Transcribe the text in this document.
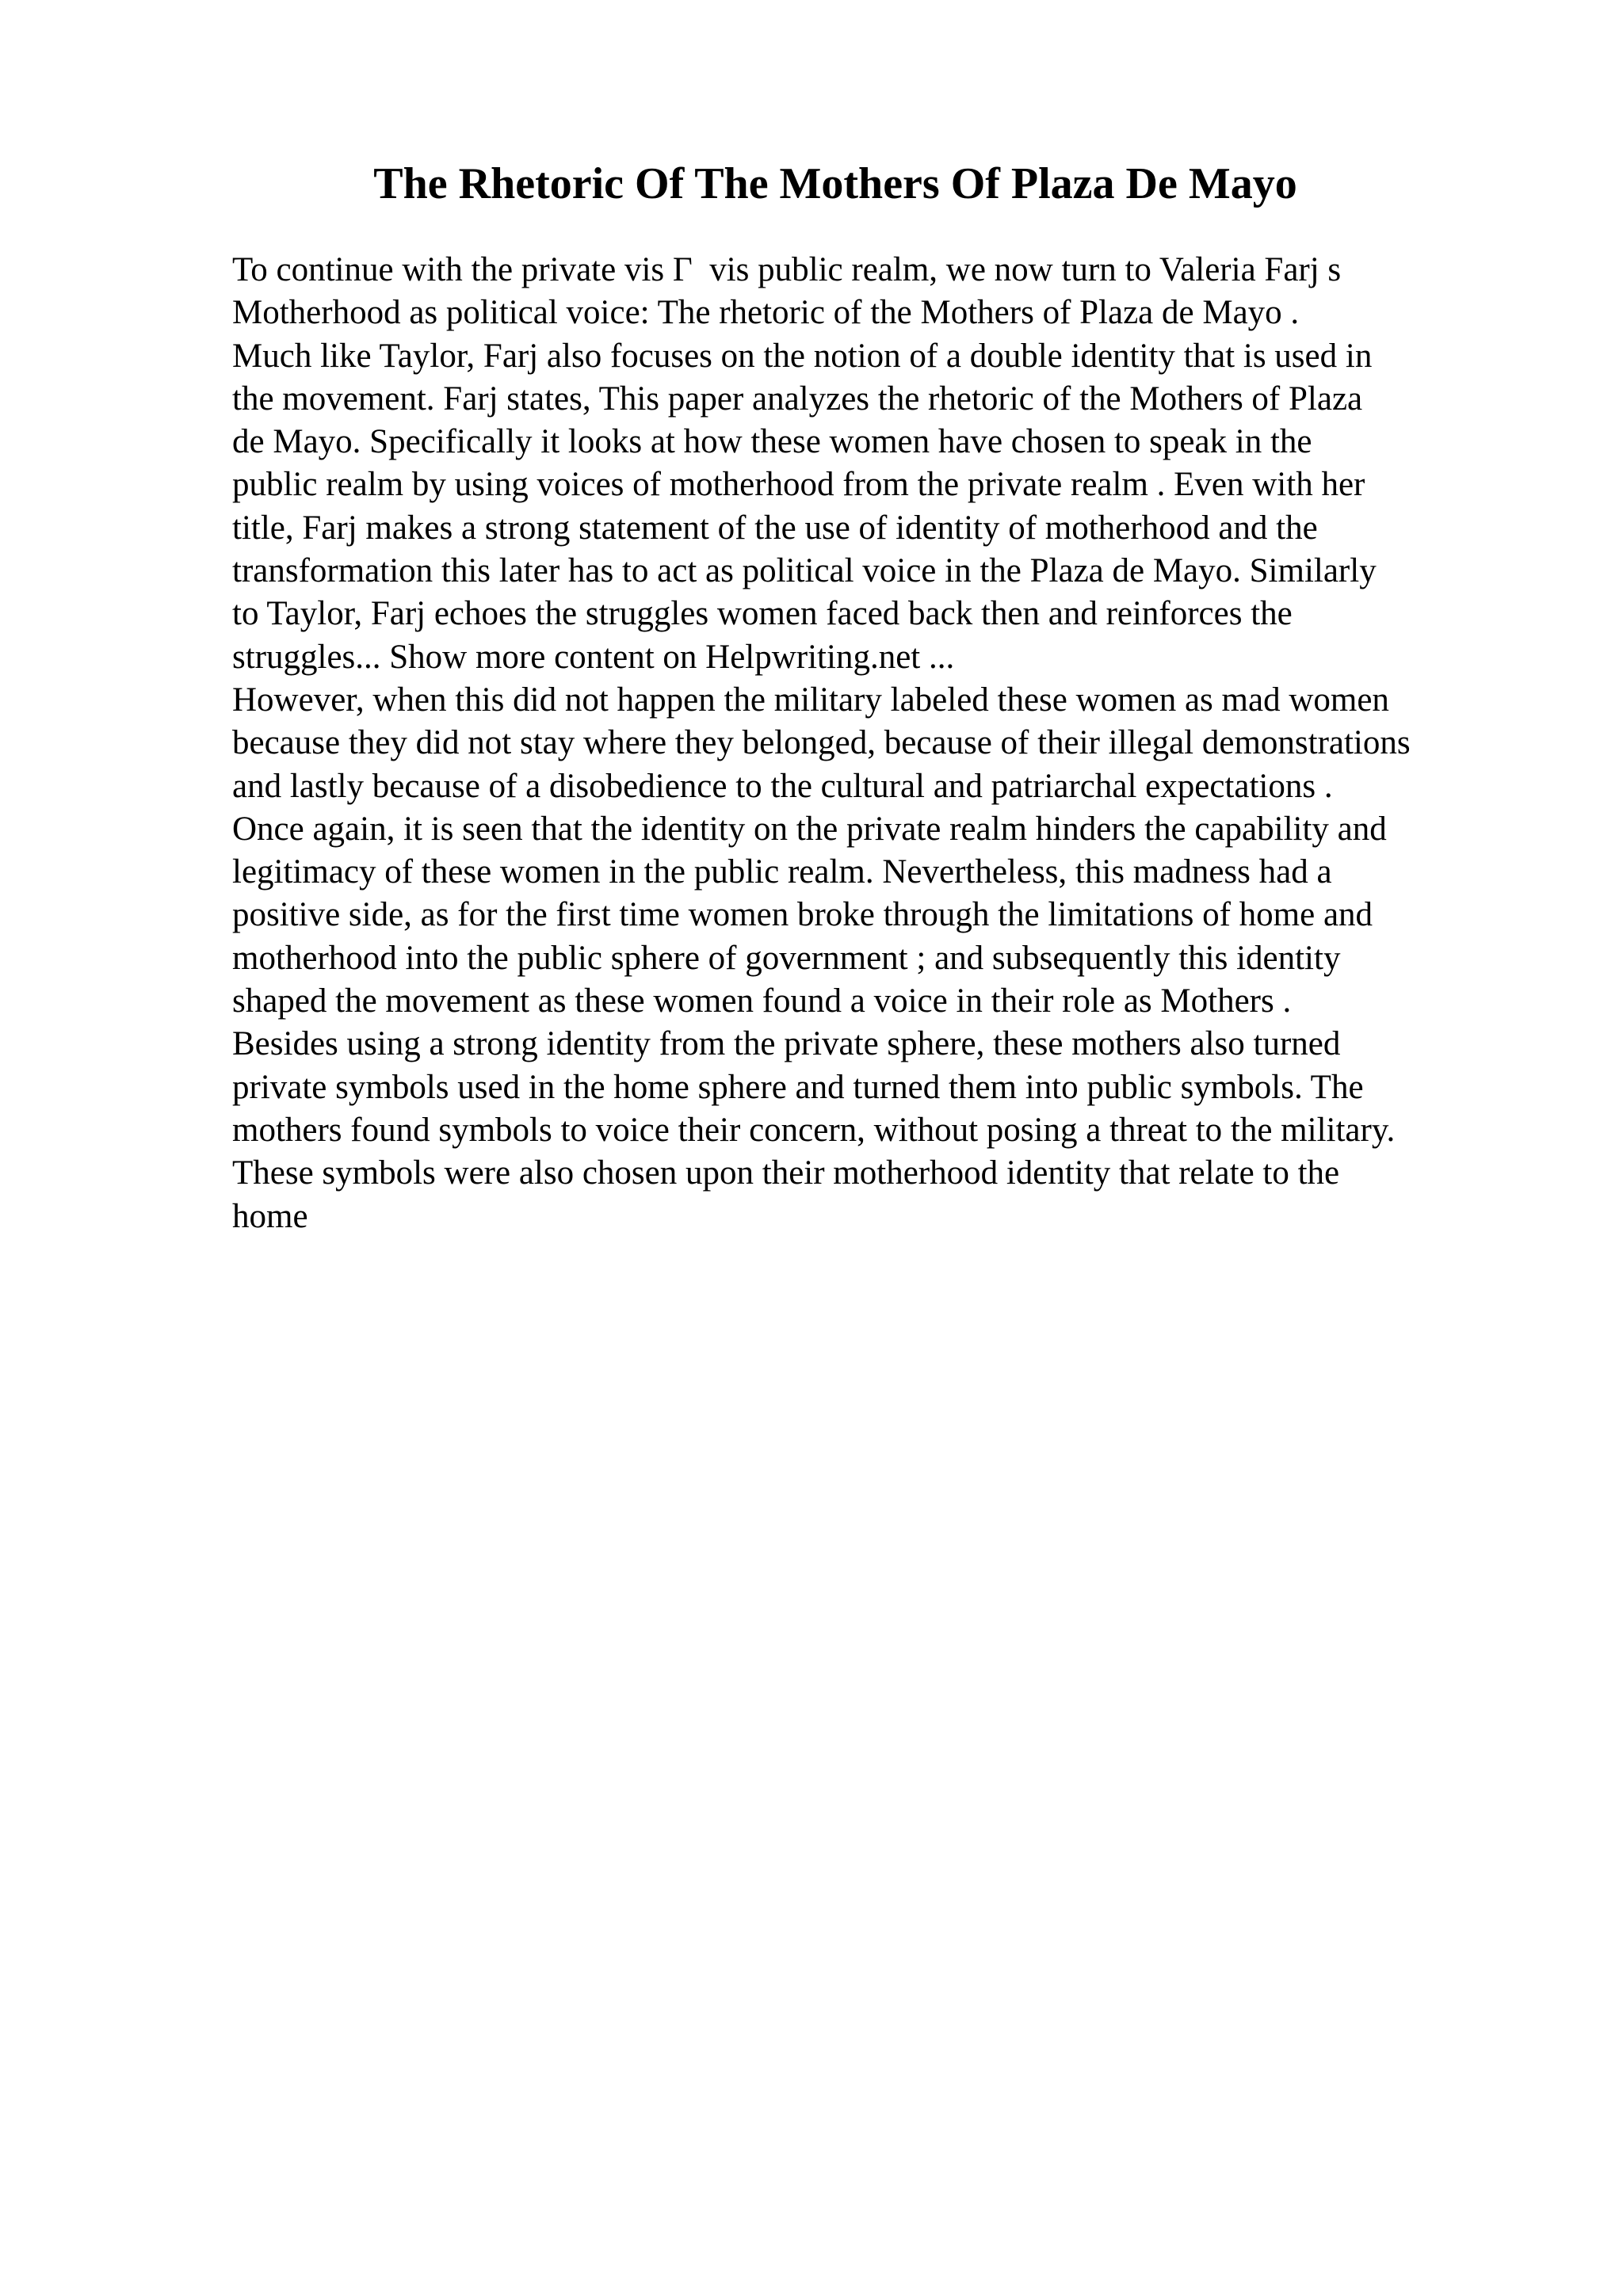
The Rhetoric Of The Mothers Of Plaza De Mayo
To continue with the private vis Г  vis public realm, we now turn to Valeria Farj s
Motherhood as political voice: The rhetoric of the Mothers of Plaza de Mayo .
Much like Taylor, Farj also focuses on the notion of a double identity that is used in
the movement. Farj states, This paper analyzes the rhetoric of the Mothers of Plaza
de Mayo. Specifically it looks at how these women have chosen to speak in the
public realm by using voices of motherhood from the private realm . Even with her
title, Farj makes a strong statement of the use of identity of motherhood and the
transformation this later has to act as political voice in the Plaza de Mayo. Similarly
to Taylor, Farj echoes the struggles women faced back then and reinforces the
struggles... Show more content on Helpwriting.net ...
However, when this did not happen the military labeled these women as mad women
because they did not stay where they belonged, because of their illegal demonstrations
and lastly because of a disobedience to the cultural and patriarchal expectations .
Once again, it is seen that the identity on the private realm hinders the capability and
legitimacy of these women in the public realm. Nevertheless, this madness had a
positive side, as for the first time women broke through the limitations of home and
motherhood into the public sphere of government ; and subsequently this identity
shaped the movement as these women found a voice in their role as Mothers .
Besides using a strong identity from the private sphere, these mothers also turned
private symbols used in the home sphere and turned them into public symbols. The
mothers found symbols to voice their concern, without posing a threat to the military.
These symbols were also chosen upon their motherhood identity that relate to the
home
